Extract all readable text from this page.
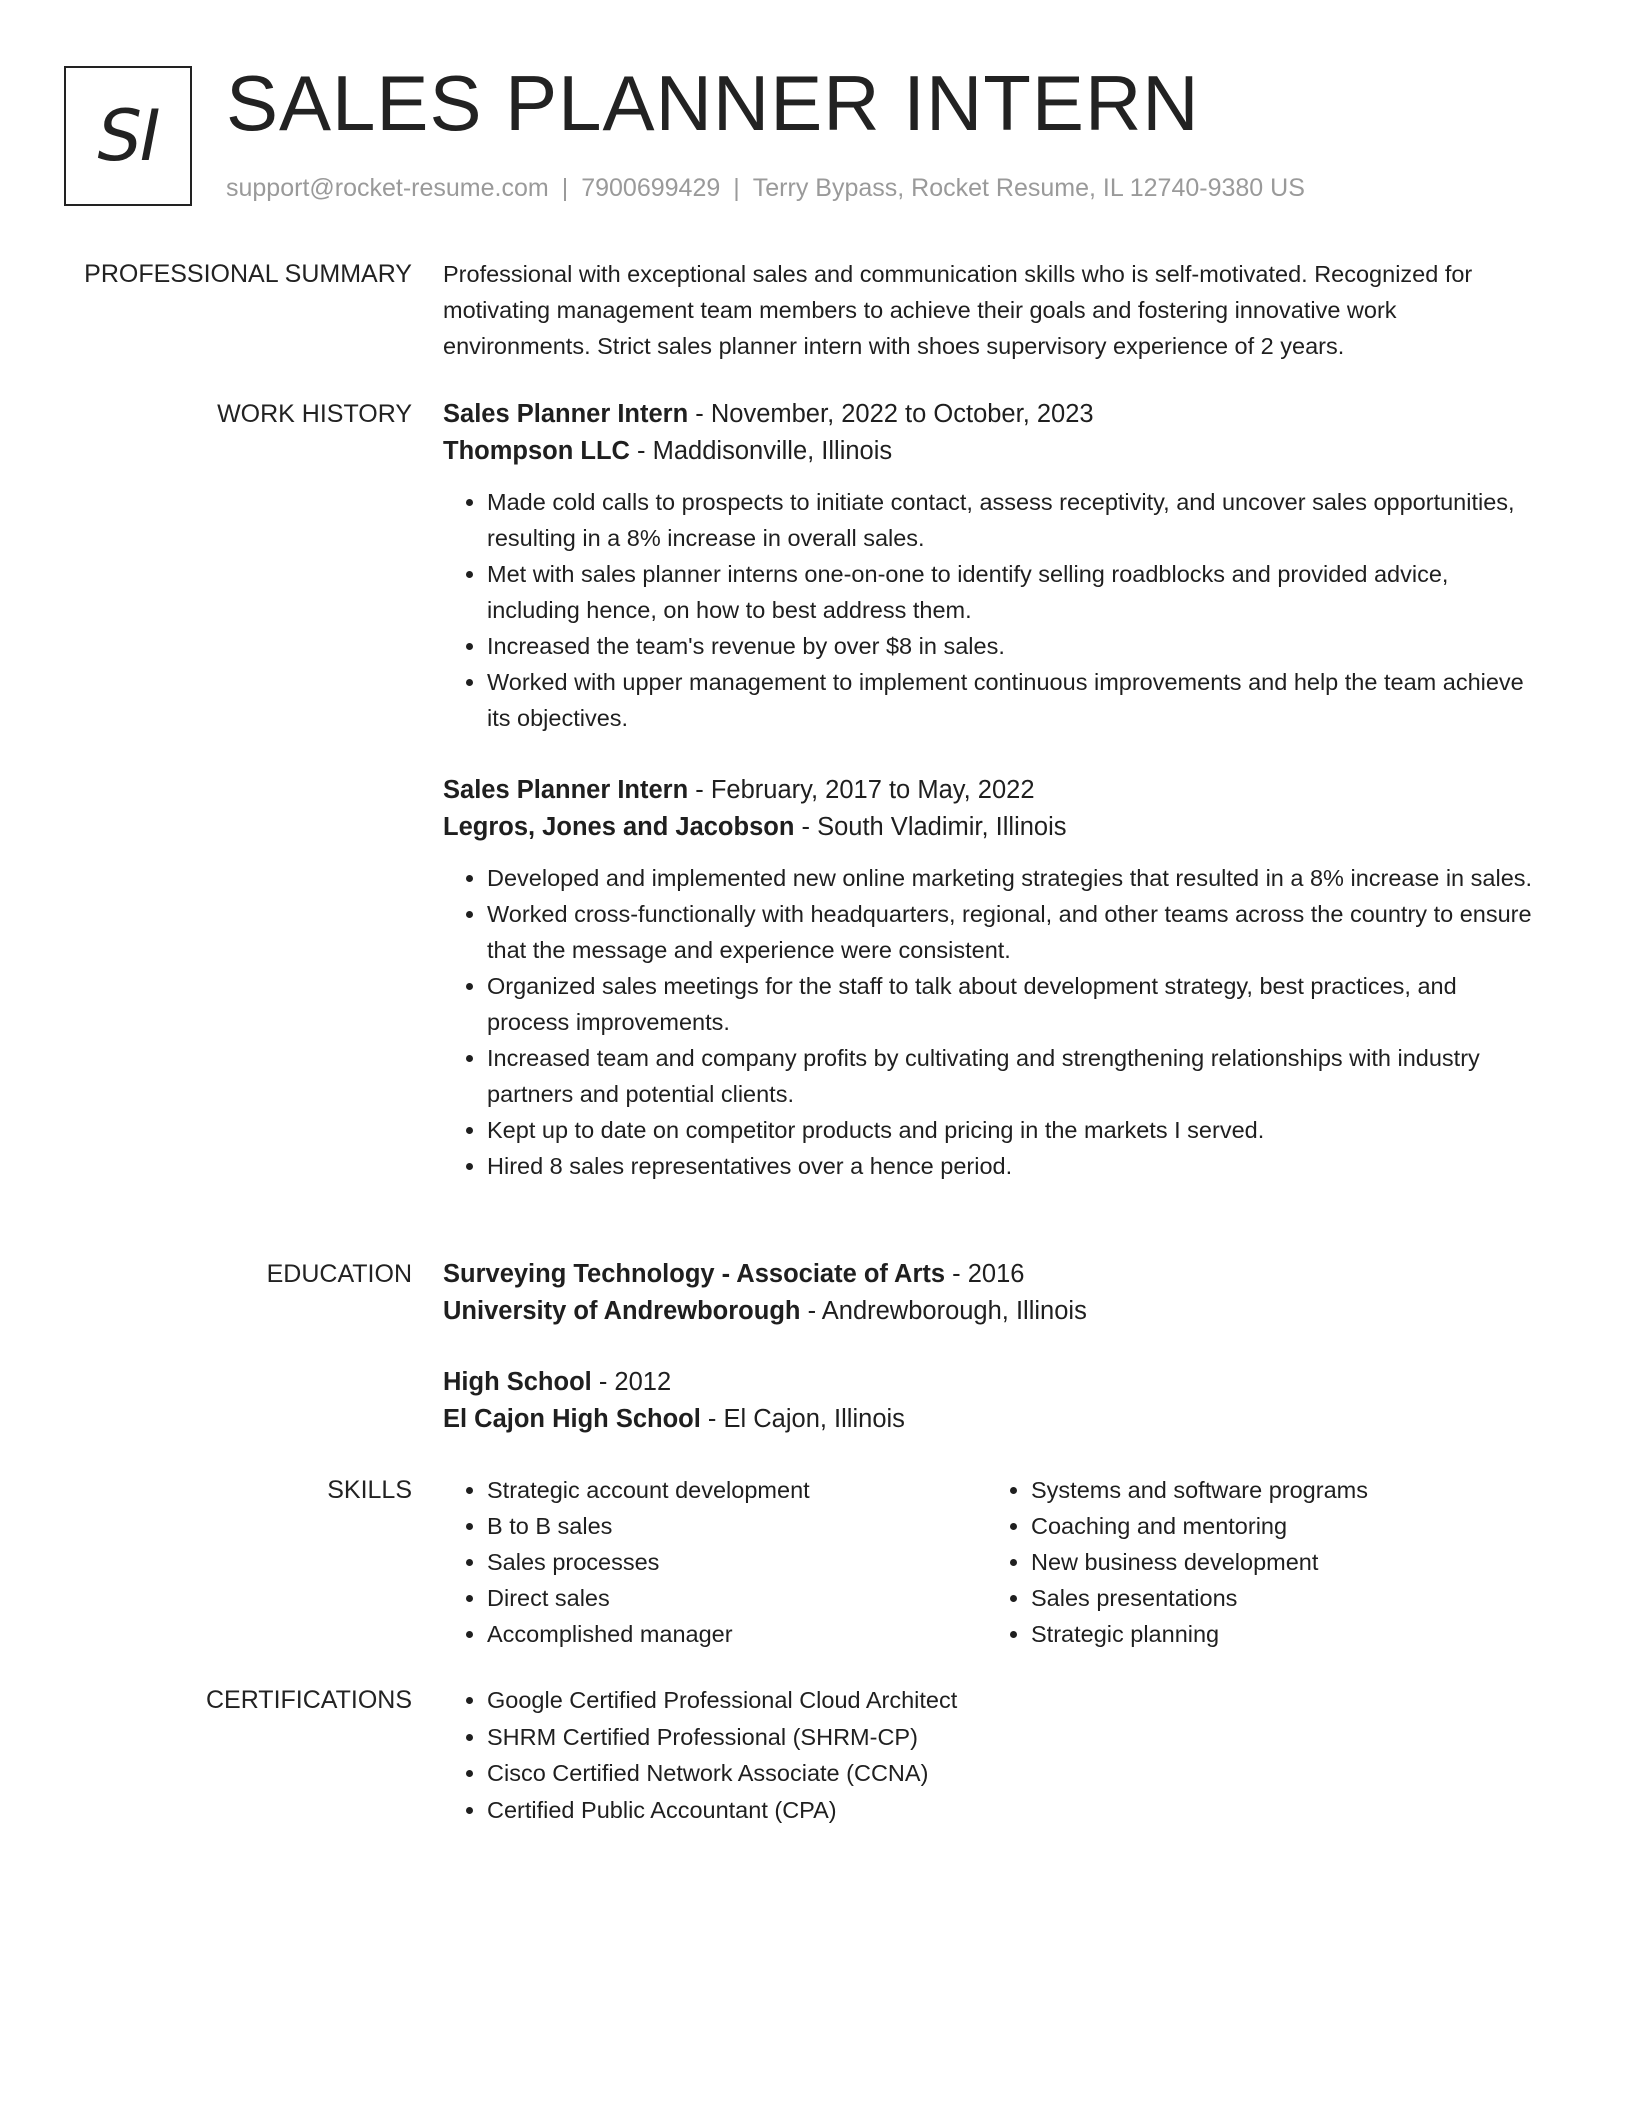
SI SALES PLANNER INTERN
support@rocket-resume.com | 7900699429 | Terry Bypass, Rocket Resume, IL 12740-9380 US
PROFESSIONAL SUMMARY Professional with exceptional sales and communication skills who is self-motivated. Recognized for motivating management team members to achieve their goals and fostering innovative work environments. Strict sales planner intern with shoes supervisory experience of 2 years.

WORK HISTORY Sales Planner Intern - November, 2022 to October, 2023

Thompson LLC - Maddisonville, Illinois

• Made cold calls to prospects to initiate contact, assess receptivity, and uncover sales opportunities, resulting in a 8% increase in overall sales.
• Met with sales planner interns one-on-one to identify selling roadblocks and provided advice, including hence, on how to best address them.
• Increased the team's revenue by over $8 in sales.
• Worked with upper management to implement continuous improvements and help the team achieve its objectives.

Sales Planner Intern - February, 2017 to May, 2022

Legros, Jones and Jacobson - South Vladimir, Illinois

• Developed and implemented new online marketing strategies that resulted in a 8% increase in sales.
• Worked cross-functionally with headquarters, regional, and other teams across the country to ensure that the message and experience were consistent.
• Organized sales meetings for the staff to talk about development strategy, best practices, and process improvements.
• Increased team and company profits by cultivating and strengthening relationships with industry partners and potential clients.
• Kept up to date on competitor products and pricing in the markets I served.
• Hired 8 sales representatives over a hence period.
EDUCATION Surveying Technology - Associate of Arts - 2016

University of Andrewborough - Andrewborough, Illinois

High School - 2012

El Cajon High School - El Cajon, Illinois

SKILLS	• Strategic account development
• B to B sales
• Sales processes
• Direct sales
• Accomplished manager
• Systems and software programs
• Coaching and mentoring
• New business development
• Sales presentations
• Strategic planning
CERTIFICATIONS	• Google Certified Professional Cloud Architect
• SHRM Certified Professional (SHRM-CP)
• Cisco Certified Network Associate (CCNA)
• Certified Public Accountant (CPA)
